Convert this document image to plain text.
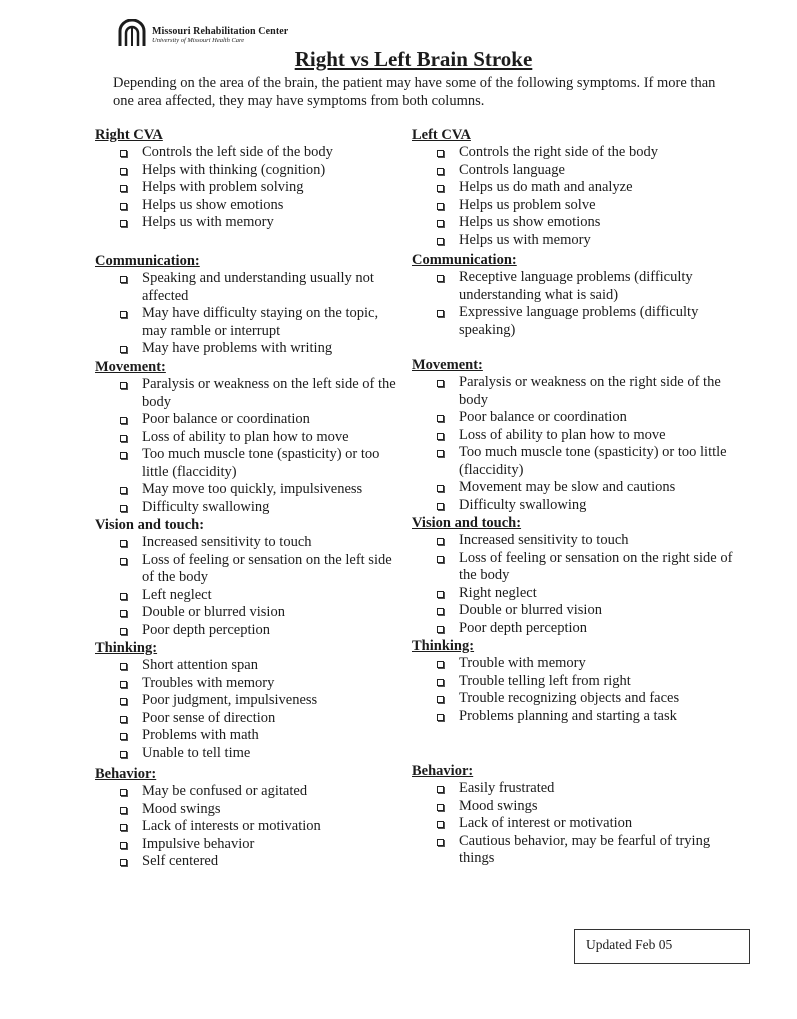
Missouri Rehabilitation Center
University of Missouri Health Care
Right vs Left Brain Stroke
Depending on the area of the brain, the patient may have some of the following symptoms. If more than one area affected, they may have symptoms from both columns.
Right CVA
Controls the left side of the body
Helps with thinking (cognition)
Helps with problem solving
Helps us show emotions
Helps us with memory
Communication:
Speaking and understanding usually not affected
May have difficulty staying on the topic, may ramble or interrupt
May have problems with writing
Movement:
Paralysis or weakness on the left side of the body
Poor balance or coordination
Loss of ability to plan how to move
Too much muscle tone (spasticity) or too little (flaccidity)
May move too quickly, impulsiveness
Difficulty swallowing
Vision and touch:
Increased sensitivity to touch
Loss of feeling or sensation on the left side of the body
Left neglect
Double or blurred vision
Poor depth perception
Thinking:
Short attention span
Troubles with memory
Poor judgment, impulsiveness
Poor sense of direction
Problems with math
Unable to tell time
Behavior:
May be confused or agitated
Mood swings
Lack of interests or motivation
Impulsive behavior
Self centered
Left CVA
Controls the right side of the body
Controls language
Helps us do math and analyze
Helps us problem solve
Helps us show emotions
Helps us with memory
Communication:
Receptive language problems (difficulty understanding what is said)
Expressive language problems (difficulty speaking)
Movement:
Paralysis or weakness on the right side of the body
Poor balance or coordination
Loss of ability to plan how to move
Too much muscle tone (spasticity) or too little (flaccidity)
Movement may be slow and cautions
Difficulty swallowing
Vision and touch:
Increased sensitivity to touch
Loss of feeling or sensation on the right side of the body
Right neglect
Double or blurred vision
Poor depth perception
Thinking:
Trouble with memory
Trouble telling left from right
Trouble recognizing objects and faces
Problems planning and starting a task
Behavior:
Easily frustrated
Mood swings
Lack of interest or motivation
Cautious behavior, may be fearful of trying things
Updated Feb 05
